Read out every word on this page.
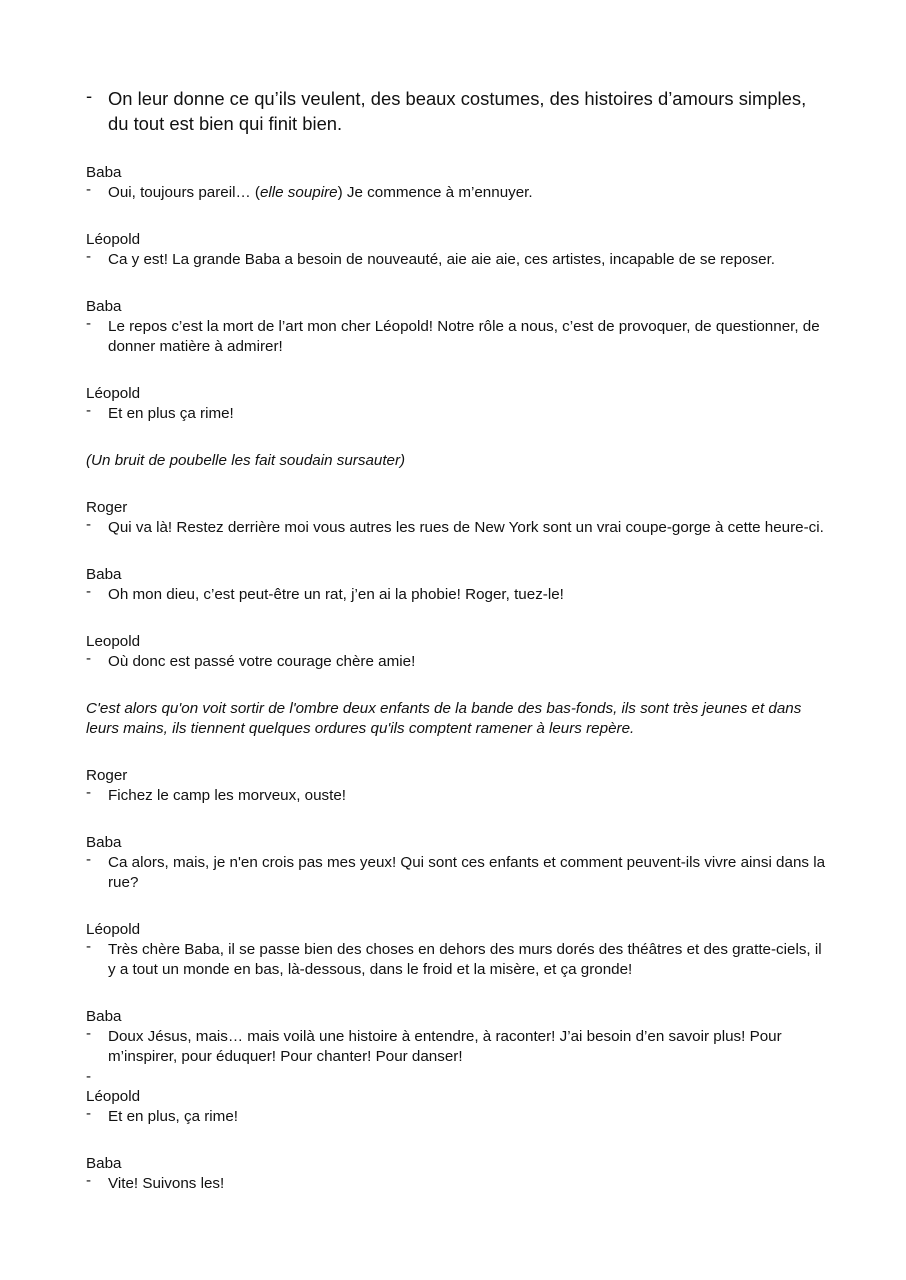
- On leur donne ce qu’ils veulent, des beaux costumes, des histoires d’amours simples, du tout est bien qui finit bien.
Baba
-	Oui, toujours pareil… (elle soupire) Je commence à m’ennuyer.
Léopold
-	Ca y est! La grande Baba a besoin de nouveauté, aie aie aie, ces artistes, incapable de se reposer.
Baba
-	Le repos c’est la mort de l’art mon cher Léopold! Notre rôle a nous, c’est de provoquer, de questionner, de donner matière à admirer!
Léopold
-	Et en plus ça rime!
(Un bruit de poubelle les fait soudain sursauter)
Roger
-	Qui va là! Restez derrière moi vous autres les rues de New York sont un vrai coupe-gorge à cette heure-ci.
Baba
-	Oh mon dieu, c’est peut-être un rat, j’en ai la phobie! Roger, tuez-le!
Leopold
-	Où donc est passé votre courage chère amie!
C'est alors qu'on voit sortir de l'ombre deux enfants de la bande des bas-fonds, ils sont très jeunes et dans leurs mains, ils tiennent quelques ordures qu'ils comptent ramener à leurs repère.
Roger
-	Fichez le camp les morveux, ouste!
Baba
-	Ca alors, mais, je n'en crois pas mes yeux! Qui sont ces enfants et comment peuvent-ils vivre ainsi dans la rue?
Léopold
-	Très chère Baba, il se passe bien des choses en dehors des murs dorés des théâtres et des gratte-ciels, il y a tout un monde en bas, là-dessous, dans le froid et la misère, et ça gronde!
Baba
-	Doux Jésus, mais… mais voilà une histoire à entendre, à raconter! J’ai besoin d’en savoir plus! Pour m’inspirer, pour éduquer! Pour chanter! Pour danser!
-
Léopold
-	Et en plus, ça rime!
Baba
-	Vite! Suivons les!
